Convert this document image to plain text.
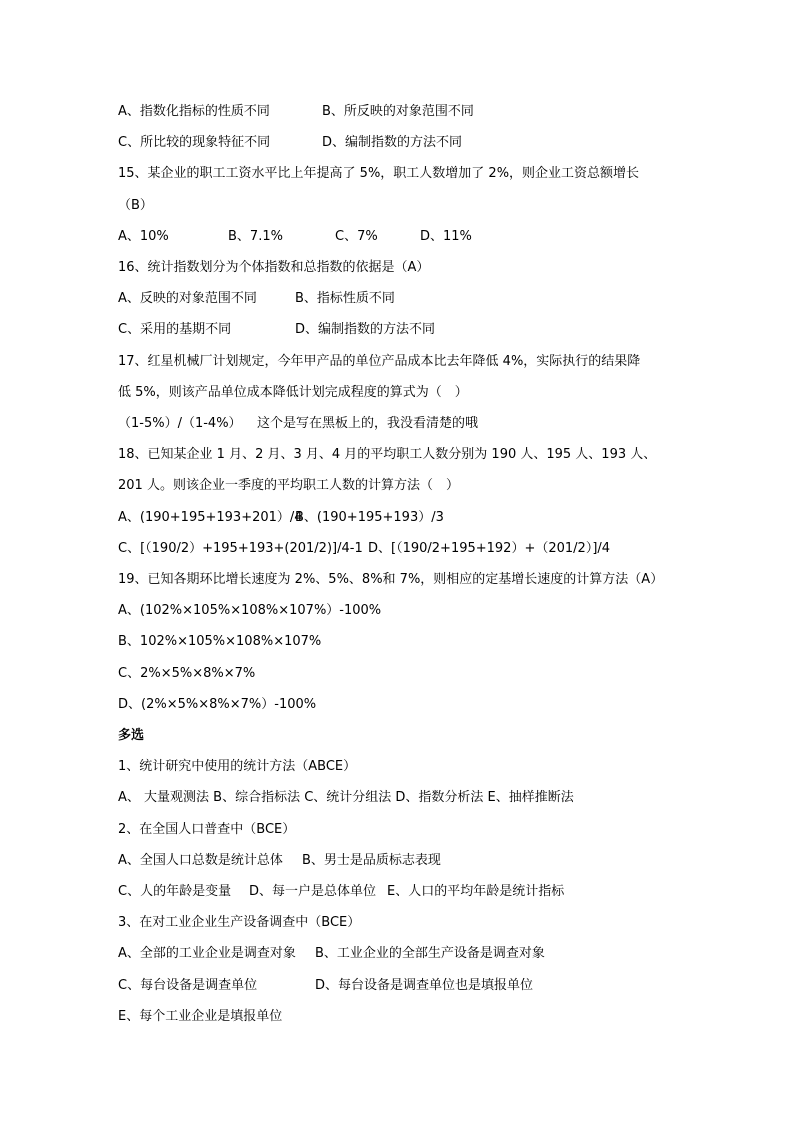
A、指数化指标的性质不同	B、所反映的对象范围不同
C、所比较的现象特征不同	D、编制指数的方法不同
15、某企业的职工工资水平比上年提高了 5%，职工人数增加了 2%，则企业工资总额增长
（B）
A、10%	B、7.1%	C、7%	D、11%
16、统计指数划分为个体指数和总指数的依据是（A）
A、反映的对象范围不同	B、指标性质不同
C、采用的基期不同	D、编制指数的方法不同
17、红星机械厂计划规定，今年甲产品的单位产品成本比去年降低 4%，实际执行的结果降
低 5%，则该产品单位成本降低计划完成程度的算式为（　）
（1-5%）/（1-4%） 这个是写在黑板上的，我没看清楚的哦
18、已知某企业 1 月、2 月、3 月、4 月的平均职工人数分别为 190 人、195 人、193 人、
201 人。则该企业一季度的平均职工人数的计算方法（　）
A、(190+195+193+201）/4
B、(190+195+193）/3
C、[（190/2）+195+193+(201/2)]/4-1 D、[（190/2+195+192）+（201/2）]/4
19、已知各期环比增长速度为 2%、5%、8%和 7%，则相应的定基增长速度的计算方法（A）
A、(102%×105%×108%×107%）-100%
B、102%×105%×108%×107%
C、2%×5%×8%×7%
D、(2%×5%×8%×7%）-100%
多选
1、统计研究中使用的统计方法（ABCE）
A、 大量观测法 B、综合指标法 C、统计分组法 D、指数分析法 E、抽样推断法
2、在全国人口普查中（BCE）
A、全国人口总数是统计总体 B、男士是品质标志表现
C、人的年龄是变量 D、每一户是总体单位 E、人口的平均年龄是统计指标
3、在对工业企业生产设备调查中（BCE）
A、全部的工业企业是调查对象 B、工业企业的全部生产设备是调查对象
C、每台设备是调查单位	D、每台设备是调查单位也是填报单位
E、每个工业企业是填报单位
